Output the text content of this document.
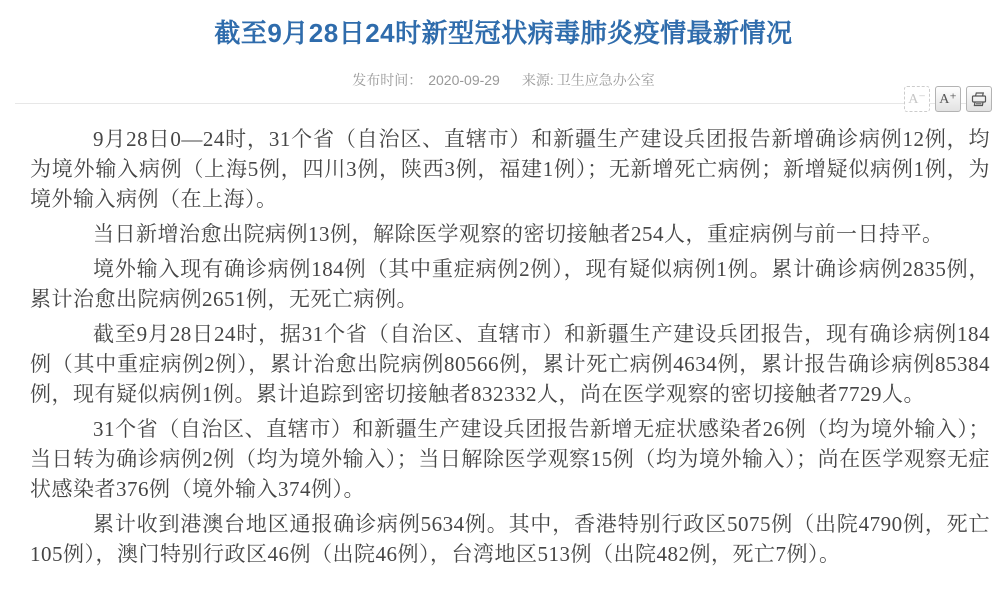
截至9月28日24时新型冠状病毒肺炎疫情最新情况
发布时间： 2020-09-29 来源: 卫生应急办公室
A⁻ A⁺

9月28日0—24时，31个省（自治区、直辖市）和新疆生产建设兵团报告新增确诊病例12例，均为境外输入病例（上海5例，四川3例，陕西3例，福建1例）；无新增死亡病例；新增疑似病例1例，为境外输入病例（在上海）。

当日新增治愈出院病例13例，解除医学观察的密切接触者254人，重症病例与前一日持平。

境外输入现有确诊病例184例（其中重症病例2例），现有疑似病例1例。累计确诊病例2835例，累计治愈出院病例2651例，无死亡病例。

截至9月28日24时，据31个省（自治区、直辖市）和新疆生产建设兵团报告，现有确诊病例184例（其中重症病例2例），累计治愈出院病例80566例，累计死亡病例4634例，累计报告确诊病例85384例，现有疑似病例1例。累计追踪到密切接触者832332人，尚在医学观察的密切接触者7729人。

31个省（自治区、直辖市）和新疆生产建设兵团报告新增无症状感染者26例（均为境外输入）；当日转为确诊病例2例（均为境外输入）；当日解除医学观察15例（均为境外输入）；尚在医学观察无症状感染者376例（境外输入374例）。

累计收到港澳台地区通报确诊病例5634例。其中，香港特别行政区5075例（出院4790例，死亡105例），澳门特别行政区46例（出院46例），台湾地区513例（出院482例，死亡7例）。
